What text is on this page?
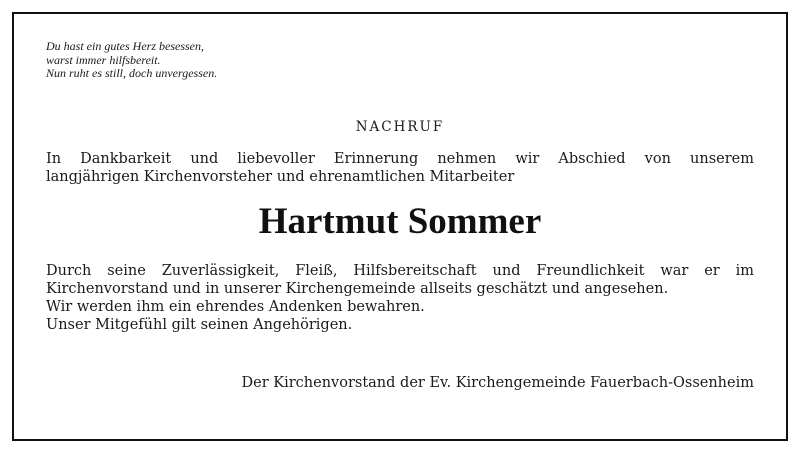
Du hast ein gutes Herz besessen,
warst immer hilfsbereit.
Nun ruht es still, doch unvergessen.
NACHRUF
In Dankbarkeit und liebevoller Erinnerung nehmen wir Abschied von unserem
langjährigen Kirchenvorsteher und ehrenamtlichen Mitarbeiter
Hartmut Sommer
Durch seine Zuverlässigkeit, Fleiß, Hilfsbereitschaft und Freundlichkeit war er im
Kirchenvorstand und in unserer Kirchengemeinde allseits geschätzt und angesehen.
Wir werden ihm ein ehrendes Andenken bewahren.
Unser Mitgefühl gilt seinen Angehörigen.
Der Kirchenvorstand der Ev. Kirchengemeinde Fauerbach-Ossenheim
